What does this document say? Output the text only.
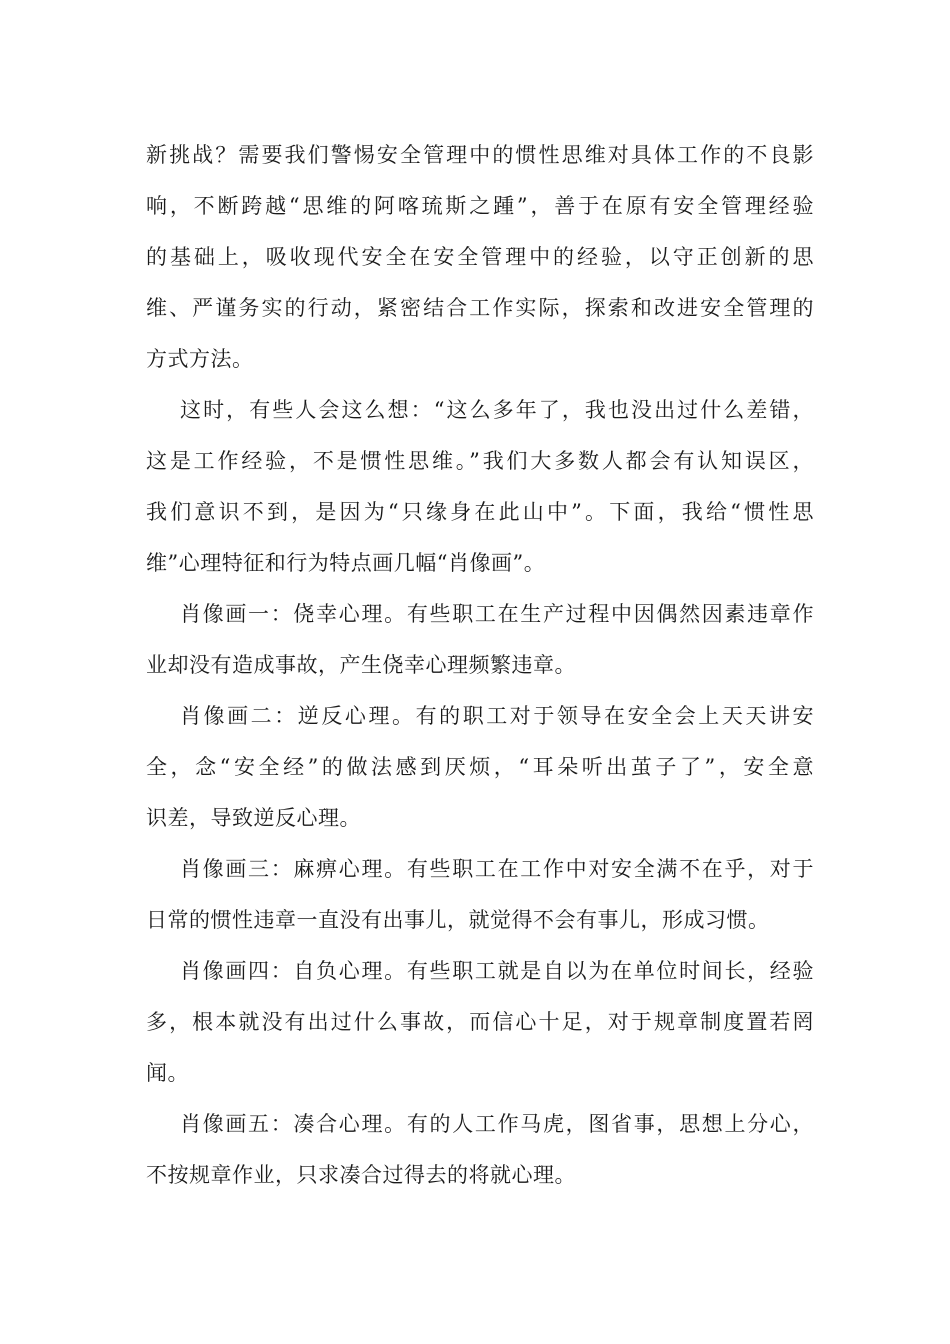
新挑战？需要我们警惕安全管理中的惯性思维对具体工作的不良影
响，不断跨越“思维的阿喀琉斯之踵”，善于在原有安全管理经验
的基础上，吸收现代安全在安全管理中的经验，以守正创新的思
维、严谨务实的行动，紧密结合工作实际，探索和改进安全管理的
方式方法。
这时，有些人会这么想：“这么多年了，我也没出过什么差错，
这是工作经验，不是惯性思维。”我们大多数人都会有认知误区，
我们意识不到，是因为“只缘身在此山中”。下面，我给“惯性思
维”心理特征和行为特点画几幅“肖像画”。
肖像画一：侥幸心理。有些职工在生产过程中因偶然因素违章作
业却没有造成事故，产生侥幸心理频繁违章。
肖像画二：逆反心理。有的职工对于领导在安全会上天天讲安
全，念“安全经”的做法感到厌烦，“耳朵听出茧子了”，安全意
识差，导致逆反心理。
肖像画三：麻痹心理。有些职工在工作中对安全满不在乎，对于
日常的惯性违章一直没有出事儿，就觉得不会有事儿，形成习惯。
肖像画四：自负心理。有些职工就是自以为在单位时间长，经验
多，根本就没有出过什么事故，而信心十足，对于规章制度置若罔
闻。
肖像画五：凑合心理。有的人工作马虎，图省事，思想上分心，
不按规章作业，只求凑合过得去的将就心理。
